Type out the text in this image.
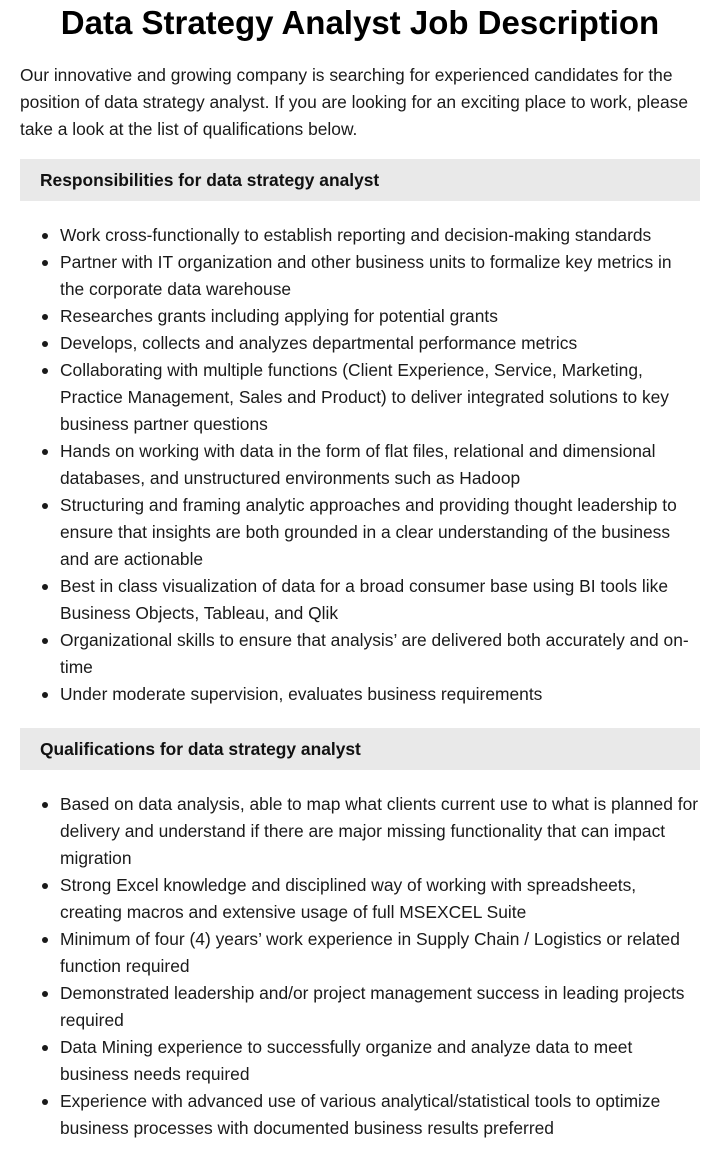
Data Strategy Analyst Job Description

Our innovative and growing company is searching for experienced candidates for the position of data strategy analyst. If you are looking for an exciting place to work, please take a look at the list of qualifications below.

Responsibilities for data strategy analyst
Work cross-functionally to establish reporting and decision-making standards
Partner with IT organization and other business units to formalize key metrics in the corporate data warehouse
Researches grants including applying for potential grants
Develops, collects and analyzes departmental performance metrics
Collaborating with multiple functions (Client Experience, Service, Marketing, Practice Management, Sales and Product) to deliver integrated solutions to key business partner questions
Hands on working with data in the form of flat files, relational and dimensional databases, and unstructured environments such as Hadoop
Structuring and framing analytic approaches and providing thought leadership to ensure that insights are both grounded in a clear understanding of the business and are actionable
Best in class visualization of data for a broad consumer base using BI tools like Business Objects, Tableau, and Qlik
Organizational skills to ensure that analysis’ are delivered both accurately and on-time
Under moderate supervision, evaluates business requirements
Qualifications for data strategy analyst
Based on data analysis, able to map what clients current use to what is planned for delivery and understand if there are major missing functionality that can impact migration
Strong Excel knowledge and disciplined way of working with spreadsheets, creating macros and extensive usage of full MSEXCEL Suite
Minimum of four (4) years’ work experience in Supply Chain / Logistics or related function required
Demonstrated leadership and/or project management success in leading projects required
Data Mining experience to successfully organize and analyze data to meet business needs required
Experience with advanced use of various analytical/statistical tools to optimize business processes with documented business results preferred
